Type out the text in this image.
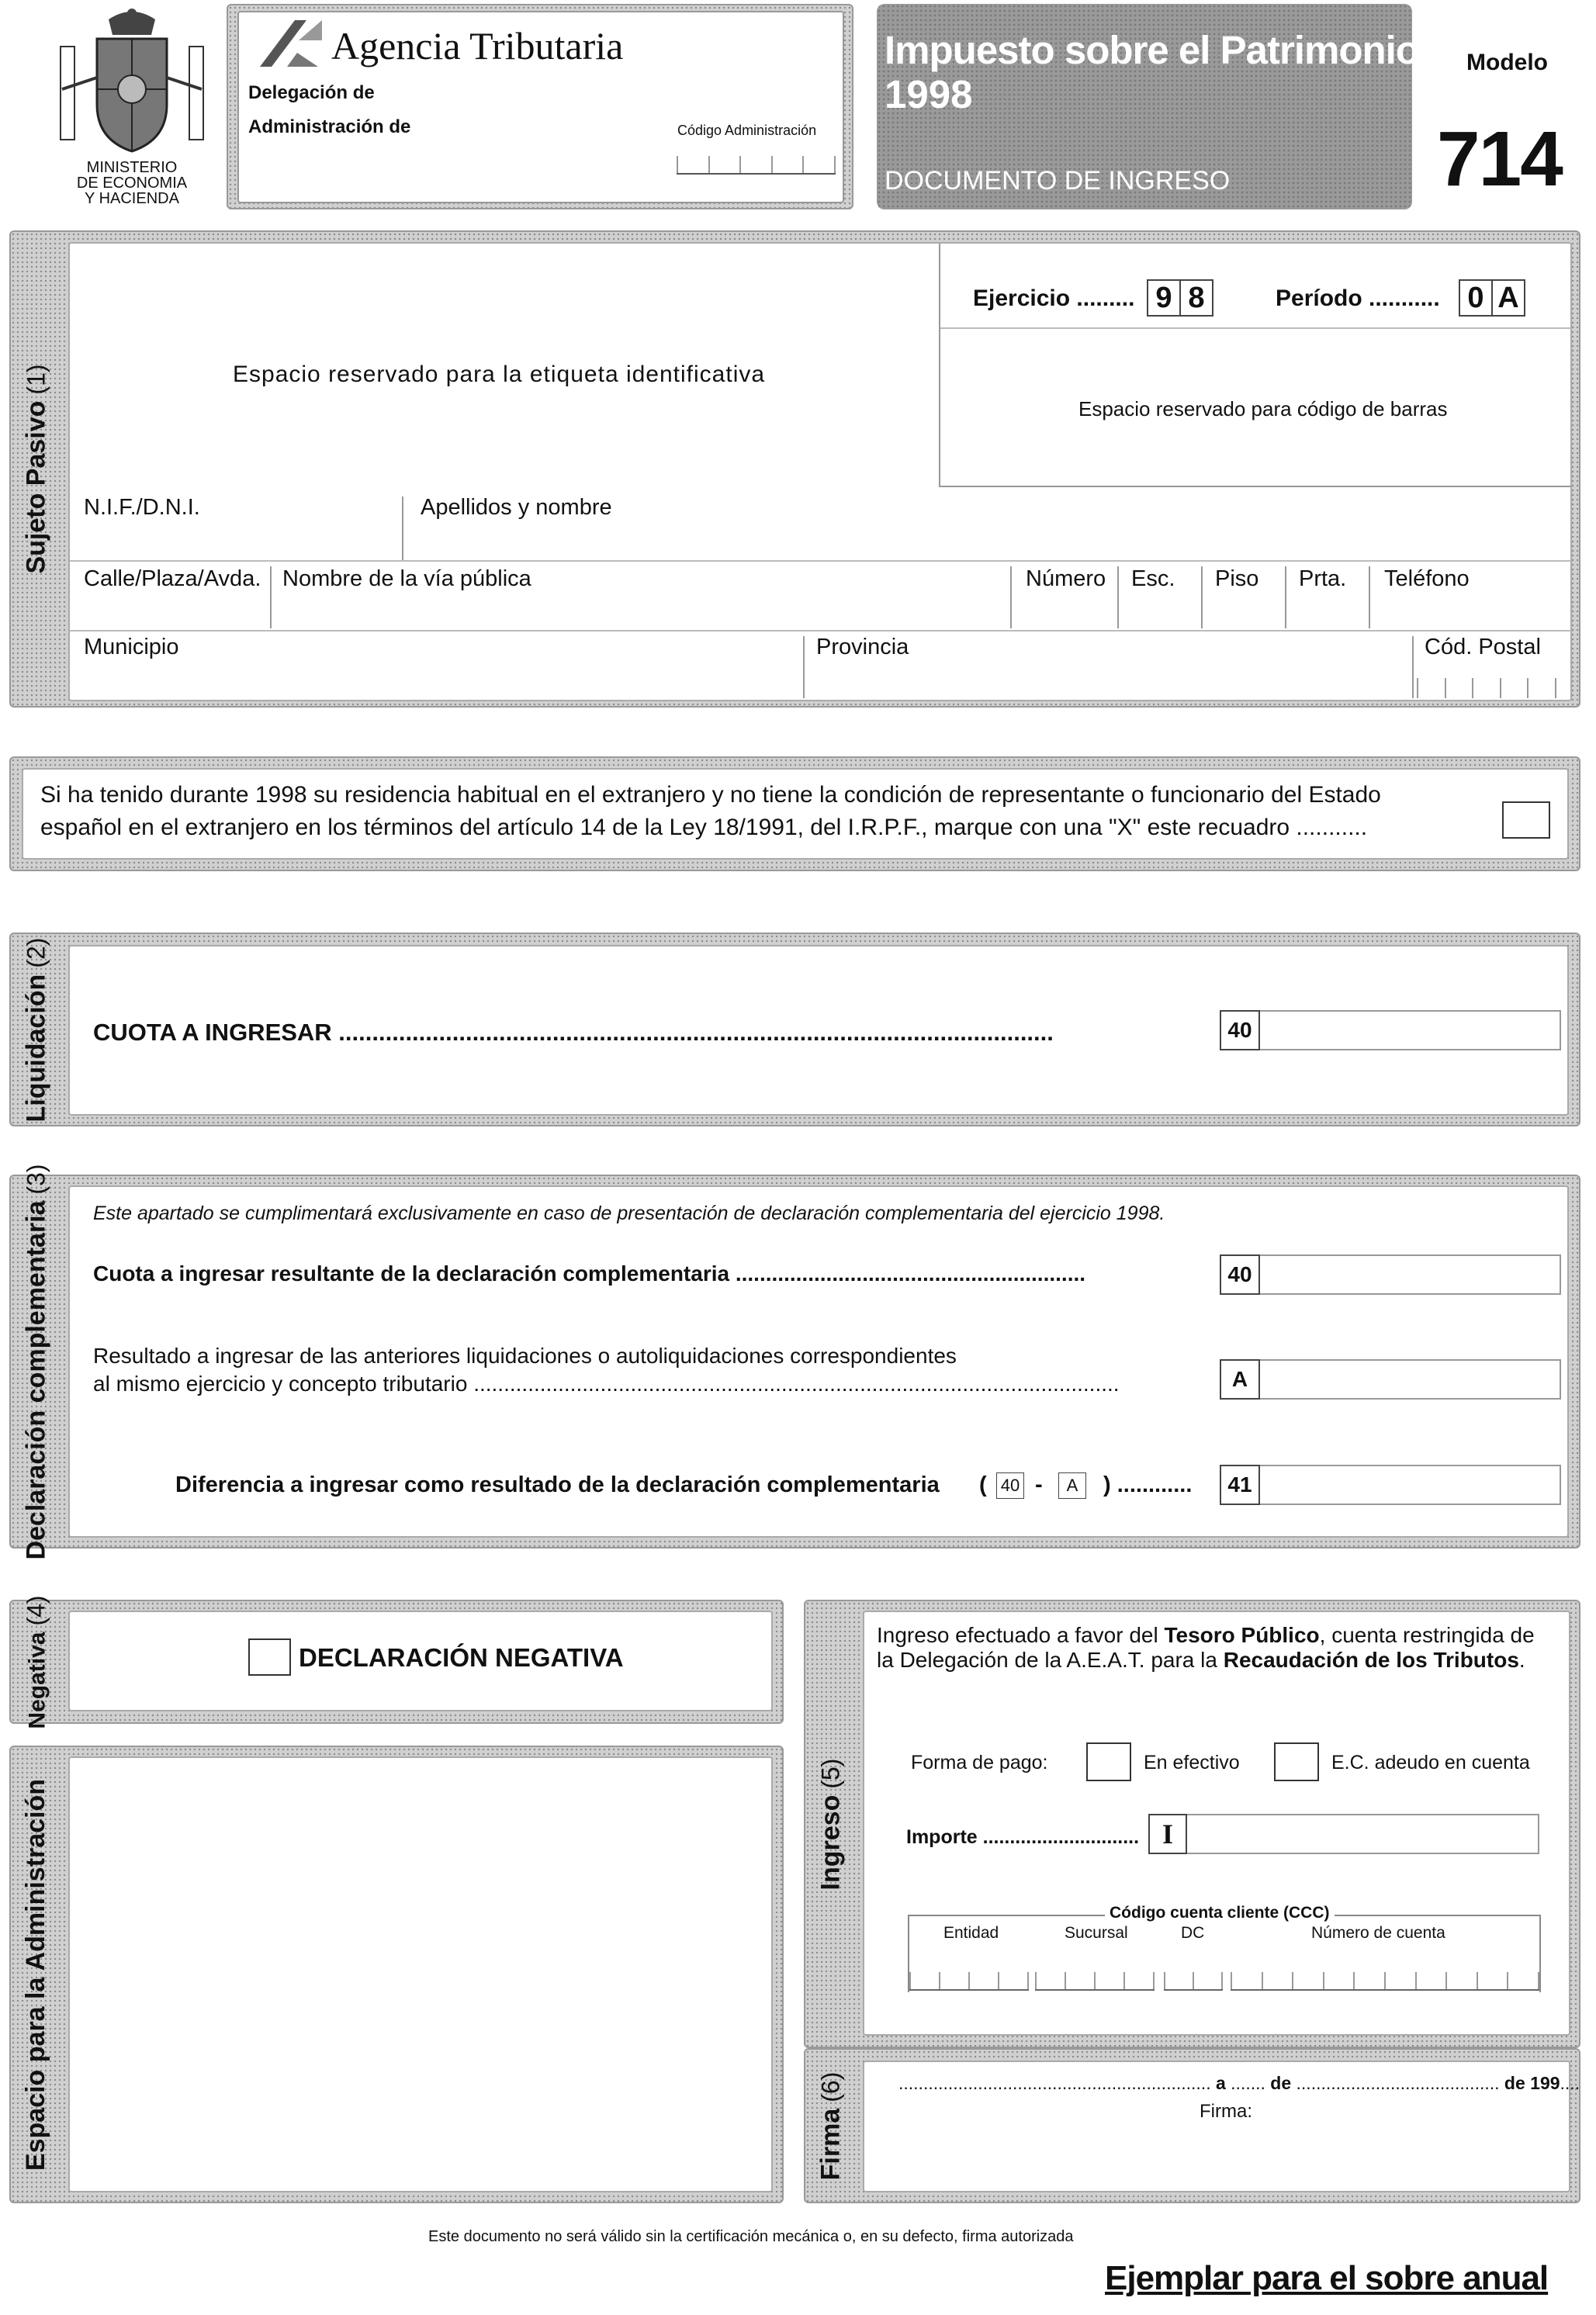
MINISTERIO
DE ECONOMIA
Y HACIENDA
Agencia Tributaria
Delegación de
Administración de	Código Administración
Impuesto sobre el Patrimonio
1998
DOCUMENTO DE INGRESO
Modelo
714
Sujeto Pasivo(1)	Espacio reservado para la etiqueta identificativa
Ejercicio ......... 9 8	Período ........... 0 A
Espacio reservado para código de barras
N.I.F./D.N.I.	Apellidos y nombre
Calle/Plaza/Avda. Nombre de la vía pública	Número Esc. Piso Prta. Teléfono
Municipio	Provincia	Cód. Postal
Si ha tenido durante 1998 su residencia habitual en el extranjero y no tiene la condición de representante o funcionario del Estado
español en el extranjero en los términos del artículo 14 de la Ley 18/1991, del I.R.P.F., marque con una "X" este recuadro ...........
Liquidación(2)
CUOTA A INGRESAR ...........................................................................................................	40
Declaración complementaria(3)
Este apartado se cumplimentará exclusivamente en caso de presentación de declaración complementaria del ejercicio 1998.
Cuota a ingresar resultante de la declaración complementaria ..........................................................	40
Resultado a ingresar de las anteriores liquidaciones o autoliquidaciones correspondientes
al mismo ejercicio y concepto tributario ...........................................................................................................	A
Diferencia a ingresar como resultado de la declaración complementaria ( 40 -	A	) ............	41
Negativa(4)
DECLARACIÓN NEGATIVA
Espacio para la Administración	Ingreso(5)
Ingreso efectuado a favor del Tesoro Público, cuenta restringida de
la Delegación de la A.E.A.T. para la Recaudación de los Tributos.
Forma de pago:	En efectivo	E.C. adeudo en cuenta
Importe ............................. I
Código cuenta cliente (CCC)
Entidad	Sucursal	DC	Número de cuenta
Firma(6)	............................................................... a ....... de ......................................... de 199....
Firma:
Este documento no será válido sin la certificación mecánica o, en su defecto, firma autorizada
Ejemplar para el sobre anual
